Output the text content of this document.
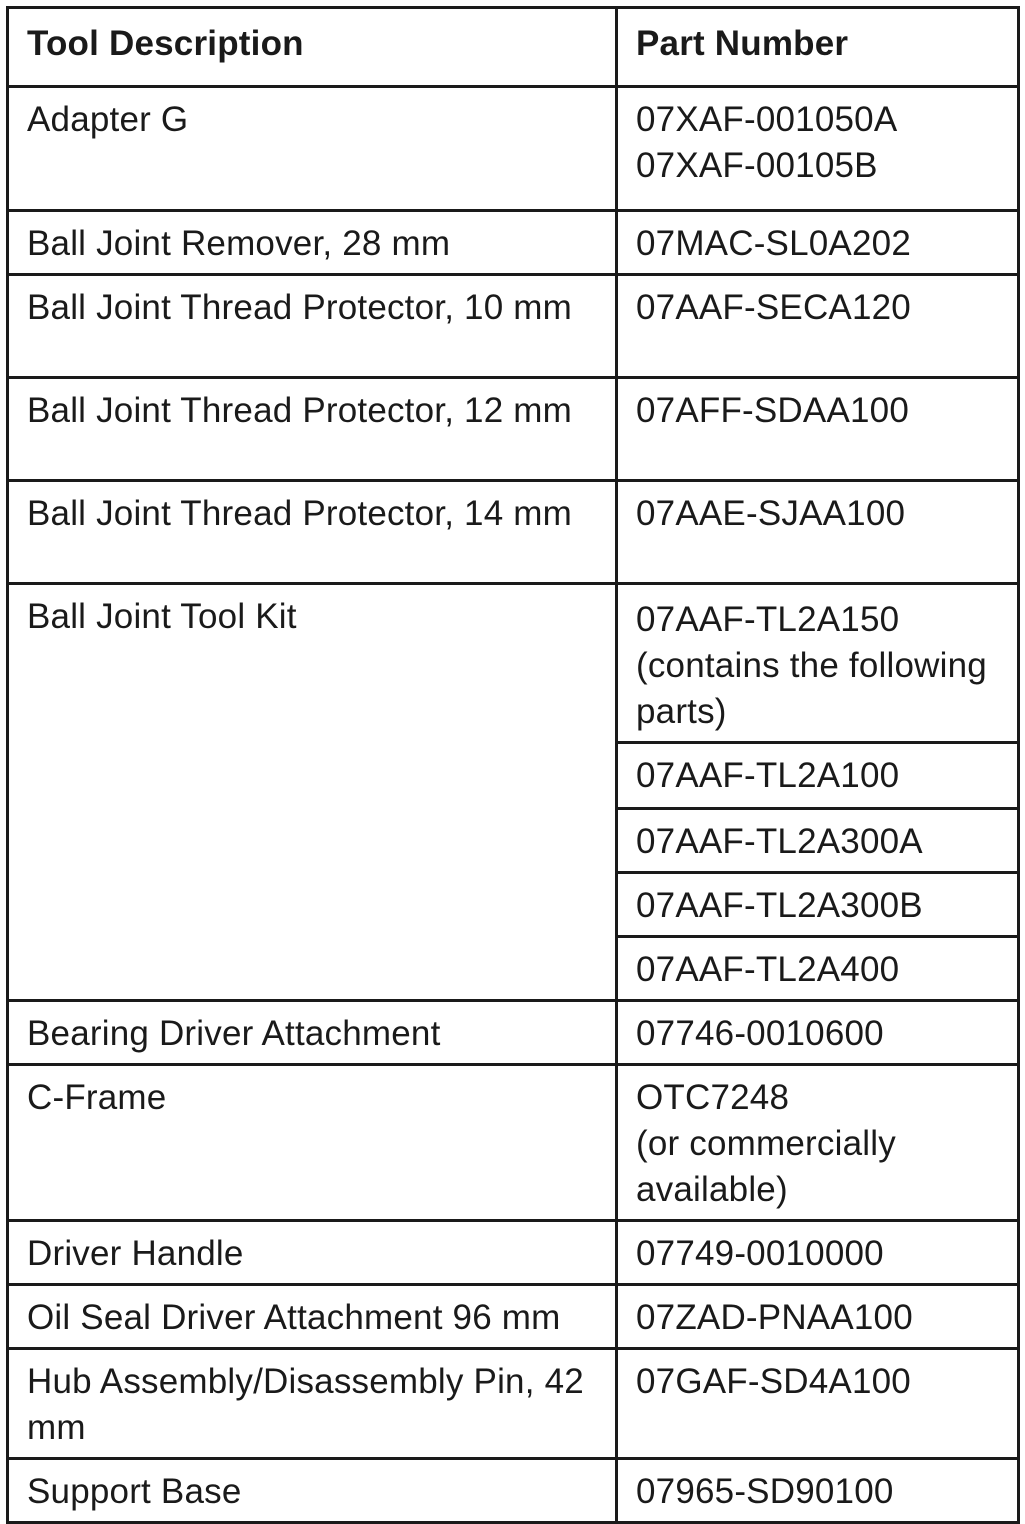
Tool Description	Part Number
Adapter G	07XAF-001050A
07XAF-00105B

Ball Joint Remover, 28 mm	07MAC-SL0A202
Ball Joint Thread Protector, 10 mm	07AAF-SECA120
Ball Joint Thread Protector, 12 mm	07AFF-SDAA100
Ball Joint Thread Protector, 14 mm	07AAE-SJAA100
Ball Joint Tool Kit	07AAF-TL2A150
(contains the following parts)
	07AAF-TL2A100
	07AAF-TL2A300A
	07AAF-TL2A300B
	07AAF-TL2A400
Bearing Driver Attachment	07746-0010600
C-Frame	OTC7248
(or commercially available)
Driver Handle	07749-0010000
Oil Seal Driver Attachment 96 mm	07ZAD-PNAA100
Hub Assembly/Disassembly Pin, 42 mm	07GAF-SD4A100
Support Base	07965-SD90100
